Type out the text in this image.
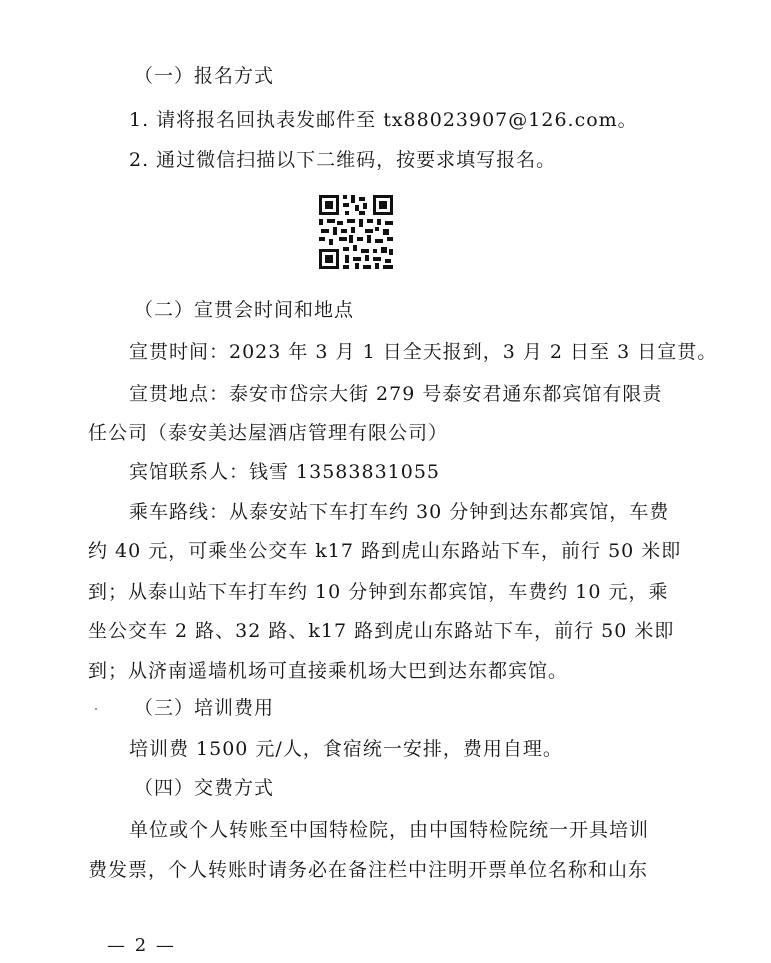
（一）报名方式
1. 请将报名回执表发邮件至 tx88023907@126.com。
2. 通过微信扫描以下二维码，按要求填写报名。
（二）宣贯会时间和地点
宣贯时间：2023 年 3 月 1 日全天报到，3 月 2 日至 3 日宣贯。
宣贯地点：泰安市岱宗大街 279 号泰安君通东都宾馆有限责
任公司（泰安美达屋酒店管理有限公司）
宾馆联系人：钱雪 13583831055
乘车路线：从泰安站下车打车约 30 分钟到达东都宾馆，车费
约 40 元，可乘坐公交车 k17 路到虎山东路站下车，前行 50 米即
到；从泰山站下车打车约 10 分钟到东都宾馆，车费约 10 元，乘
坐公交车 2 路、32 路、k17 路到虎山东路站下车，前行 50 米即
到；从济南遥墙机场可直接乘机场大巴到达东都宾馆。
（三）培训费用
培训费 1500 元/人，食宿统一安排，费用自理。
（四）交费方式
单位或个人转账至中国特检院，由中国特检院统一开具培训
费发票，个人转账时请务必在备注栏中注明开票单位名称和山东
— 2 —
